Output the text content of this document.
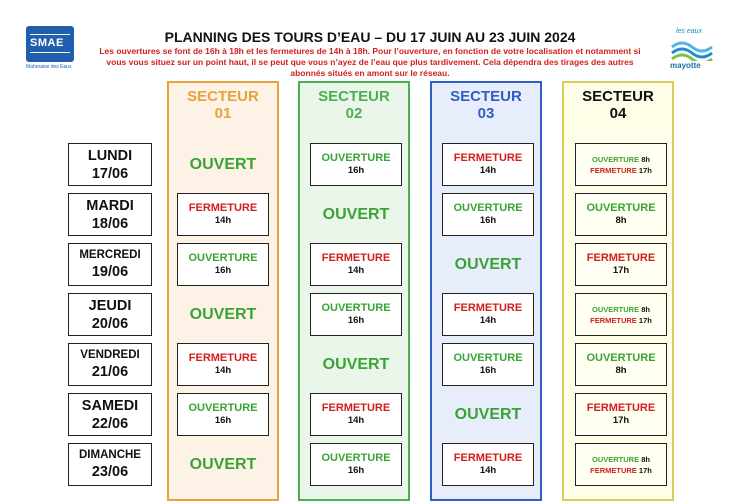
SMAE
Mahoraise des Eaux
les eaux
mayotte
PLANNING DES TOURS D’EAU – DU 17 JUIN AU 23 JUIN 2024
Les ouvertures se font de 16h à 18h et les fermetures de 14h à 18h. Pour l’ouverture, en fonction de votre localisation et notamment si vous vous situez sur un point haut, il se peut que vous n’ayez de l’eau que plus tardivement. Cela dépendra des tirages des autres abonnés situés en amont sur le réseau.
SECTEUR
01
SECTEUR
02
SECTEUR
03
SECTEUR
04
LUNDI
17/06
MARDI
18/06
MERCREDI
19/06
JEUDI
20/06
VENDREDI
21/06
SAMEDI
22/06
DIMANCHE
23/06
OUVERT
FERMETURE
14h
OUVERTURE
16h
OUVERT
FERMETURE
14h
OUVERTURE
16h
OUVERT
OUVERTURE
16h
OUVERT
FERMETURE
14h
OUVERTURE
16h
OUVERT
FERMETURE
14h
OUVERTURE
16h
FERMETURE
14h
OUVERTURE
16h
OUVERT
FERMETURE
14h
OUVERTURE
16h
OUVERT
FERMETURE
14h
OUVERTURE 8h
FERMETURE 17h
OUVERTURE
8h
FERMETURE
17h
OUVERTURE 8h
FERMETURE 17h
OUVERTURE
8h
FERMETURE
17h
OUVERTURE 8h
FERMETURE 17h
